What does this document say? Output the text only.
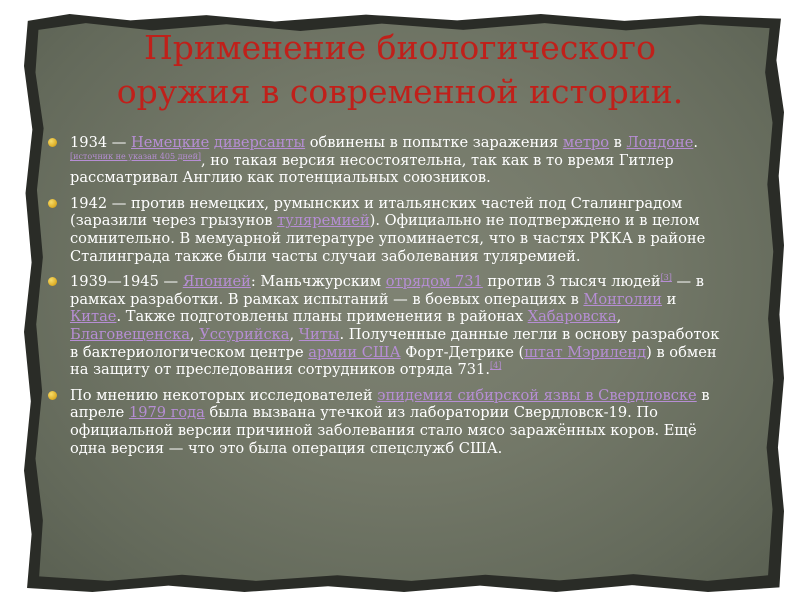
Применение биологического
оружия в современной истории.
1934 — Немецкие диверсанты обвинены в попытке заражения метро в Лондоне.[источник не указан 405 дней], но такая версия несостоятельна, так как в то время Гитлер рассматривал Англию как потенциальных союзников.
1942 — против немецких, румынских и итальянских частей под Сталинградом (заразили через грызунов туляремией). Официально не подтверждено и в целом сомнительно. В мемуарной литературе упоминается, что в частях РККА в районе Сталинграда также были часты случаи заболевания туляремией.
1939—1945 — Японией: Маньчжурским отрядом 731 против 3 тысяч людей[3] — в рамках разработки. В рамках испытаний — в боевых операциях в Монголии и Китае. Также подготовлены планы применения в районах Хабаровска, Благовещенска, Уссурийска, Читы. Полученные данные легли в основу разработок в бактериологическом центре армии США Форт-Детрике (штат Мэриленд) в обмен на защиту от преследования сотрудников отряда 731.[4]
По мнению некоторых исследователей эпидемия сибирской язвы в Свердловске в апреле 1979 года была вызвана утечкой из лаборатории Свердловск-19. По официальной версии причиной заболевания стало мясо заражённых коров. Ещё одна версия — что это была операция спецслужб США.
